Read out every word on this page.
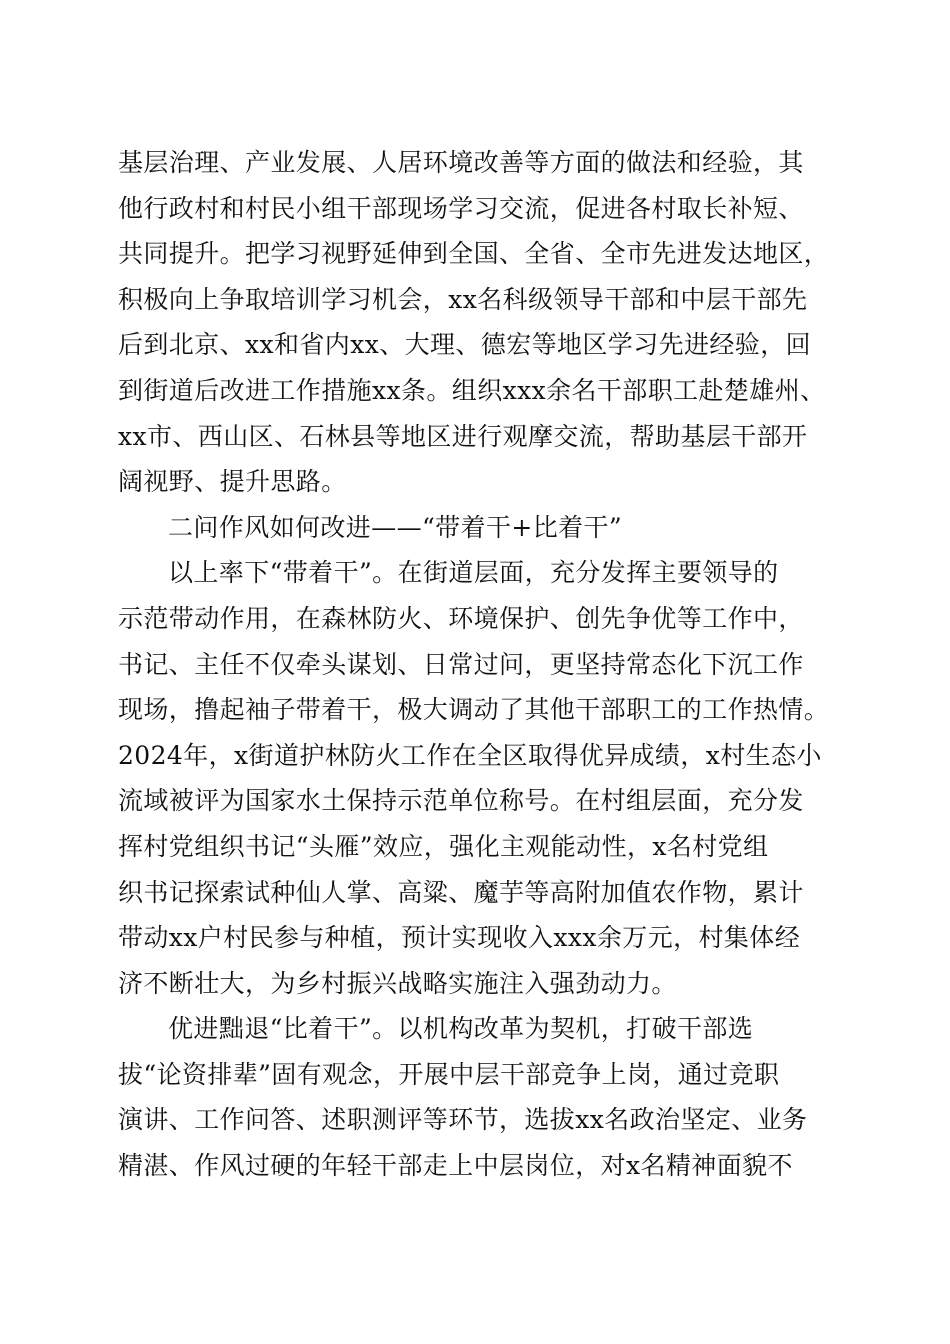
基层治理、产业发展、人居环境改善等方面的做法和经验，其
他行政村和村民小组干部现场学习交流，促进各村取长补短、
共同提升。把学习视野延伸到全国、全省、全市先进发达地区，
积极向上争取培训学习机会，xx名科级领导干部和中层干部先
后到北京、xx和省内xx、大理、德宏等地区学习先进经验，回
到街道后改进工作措施xx条。组织xxx余名干部职工赴楚雄州、
xx市、西山区、石林县等地区进行观摩交流，帮助基层干部开
阔视野、提升思路。
二问作风如何改进——“带着干+比着干”
以上率下“带着干”。在街道层面，充分发挥主要领导的
示范带动作用，在森林防火、环境保护、创先争优等工作中，
书记、主任不仅牵头谋划、日常过问，更坚持常态化下沉工作
现场，撸起袖子带着干，极大调动了其他干部职工的工作热情。
2024年，x街道护林防火工作在全区取得优异成绩，x村生态小
流域被评为国家水土保持示范单位称号。在村组层面，充分发
挥村党组织书记“头雁”效应，强化主观能动性，x名村党组
织书记探索试种仙人掌、高粱、魔芋等高附加值农作物，累计
带动xx户村民参与种植，预计实现收入xxx余万元，村集体经
济不断壮大，为乡村振兴战略实施注入强劲动力。
优进黜退“比着干”。以机构改革为契机，打破干部选
拔“论资排辈”固有观念，开展中层干部竞争上岗，通过竞职
演讲、工作问答、述职测评等环节，选拔xx名政治坚定、业务
精湛、作风过硬的年轻干部走上中层岗位，对x名精神面貌不
